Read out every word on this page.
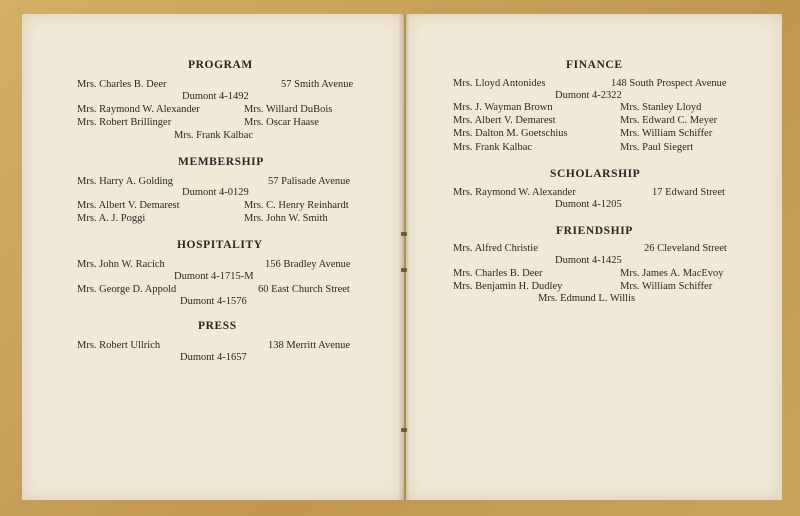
PROGRAM
Mrs. Charles B. Deer	57 Smith Avenue
Dumont 4-1492
Mrs. Raymond W. Alexander	Mrs. Willard DuBois
Mrs. Robert Brillinger	Mrs. Oscar Haase
Mrs. Frank Kalbac
MEMBERSHIP
Mrs. Harry A. Golding	57 Palisade Avenue
Dumont 4-0129
Mrs. Albert V. Demarest	Mrs. C. Henry Reinhardt
Mrs. A. J. Poggi	Mrs. John W. Smith
HOSPITALITY
Mrs. John W. Racich	156 Bradley Avenue
Dumont 4-1715-M
Mrs. George D. Appold	60 East Church Street
Dumont 4-1576
PRESS
Mrs. Robert Ullrich	138 Merritt Avenue
Dumont 4-1657
FINANCE
Mrs. Lloyd Antonides	148 South Prospect Avenue
Dumont 4-2322
Mrs. J. Wayman Brown	Mrs. Stanley Lloyd
Mrs. Albert V. Demarest	Mrs. Edward C. Meyer
Mrs. Dalton M. Goetschius	Mrs. William Schiffer
Mrs. Frank Kalbac	Mrs. Paul Siegert
SCHOLARSHIP
Mrs. Raymond W. Alexander	17 Edward Street
Dumont 4-1205
FRIENDSHIP
Mrs. Alfred Christie	26 Cleveland Street
Dumont 4-1425
Mrs. Charles B. Deer	Mrs. James A. MacEvoy
Mrs. Benjamin H. Dudley	Mrs. William Schiffer
Mrs. Edmund L. Willis
